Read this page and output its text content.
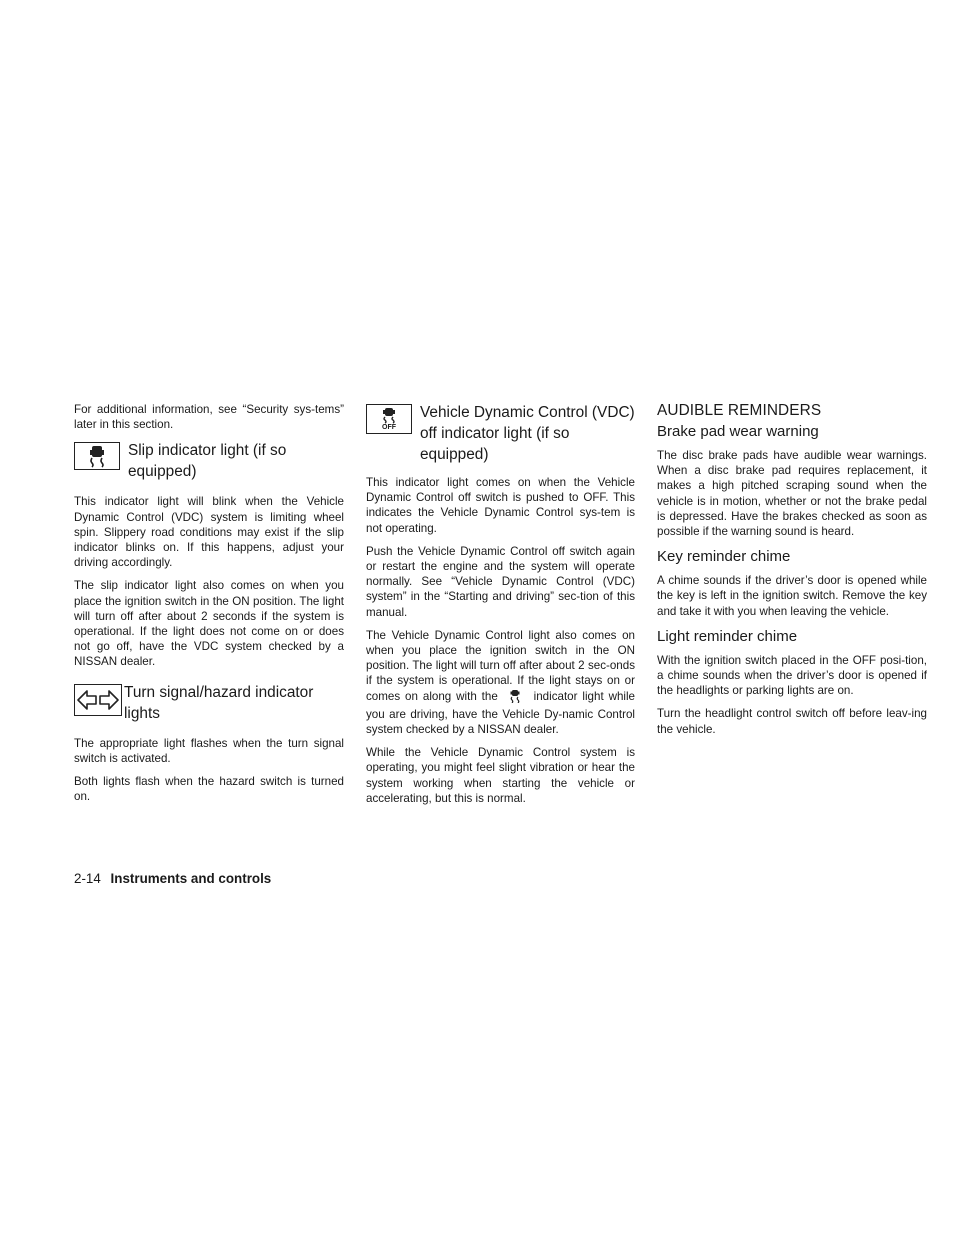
For additional information, see “Security sys-tems” later in this section.

Slip indicator light (if so equipped)

This indicator light will blink when the Vehicle Dynamic Control (VDC) system is limiting wheel spin. Slippery road conditions may exist if the slip indicator blinks on. If this happens, adjust your driving accordingly.

The slip indicator light also comes on when you place the ignition switch in the ON position. The light will turn off after about 2 seconds if the system is operational. If the light does not come on or does not go off, have the VDC system checked by a NISSAN dealer.

Turn signal/hazard indicator lights

The appropriate light flashes when the turn signal switch is activated.

Both lights flash when the hazard switch is turned on.

OFF
Vehicle Dynamic Control (VDC) off indicator light (if so equipped)

This indicator light comes on when the Vehicle Dynamic Control off switch is pushed to OFF. This indicates the Vehicle Dynamic Control sys-tem is not operating.

Push the Vehicle Dynamic Control off switch again or restart the engine and the system will operate normally. See “Vehicle Dynamic Control (VDC) system” in the “Starting and driving” sec-tion of this manual.

The Vehicle Dynamic Control light also comes on when you place the ignition switch in the ON position. The light will turn off after about 2 sec-onds if the system is operational. If the light stays on or comes on along with the	indicator light while you are driving, have the Vehicle Dy-namic Control system checked by a NISSAN dealer.

While the Vehicle Dynamic Control system is operating, you might feel slight vibration or hear the system working when starting the vehicle or accelerating, but this is normal.

AUDIBLE REMINDERS
Brake pad wear warning

The disc brake pads have audible wear warnings. When a disc brake pad requires replacement, it makes a high pitched scraping sound when the vehicle is in motion, whether or not the brake pedal is depressed. Have the brakes checked as soon as possible if the warning sound is heard.

Key reminder chime

A chime sounds if the driver’s door is opened while the key is left in the ignition switch. Remove the key and take it with you when leaving the vehicle.

Light reminder chime

With the ignition switch placed in the OFF posi-tion, a chime sounds when the driver’s door is opened if the headlights or parking lights are on.

Turn the headlight control switch off before leav-ing the vehicle.

2-14 Instruments and controls
